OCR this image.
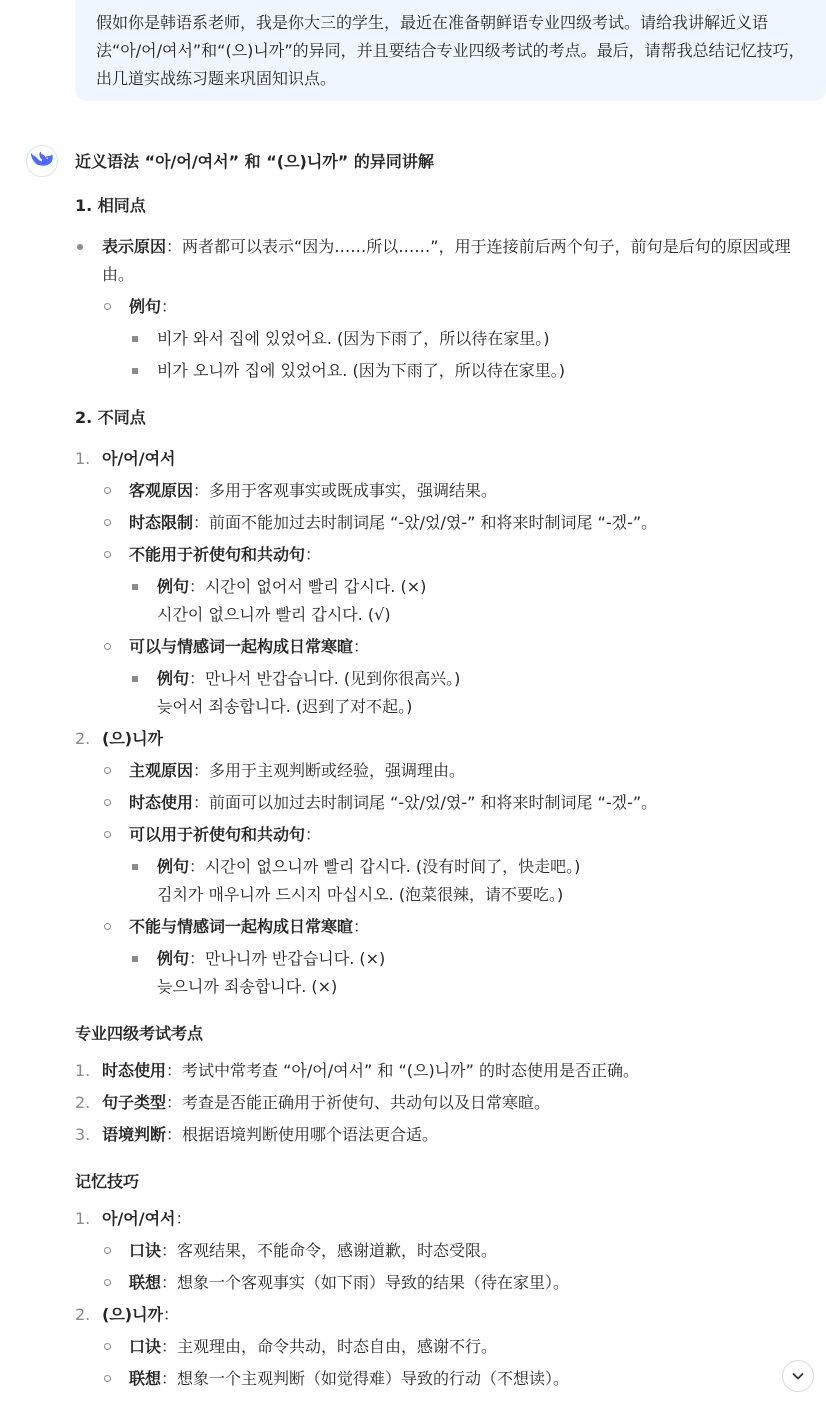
假如你是韩语系老师，我是你大三的学生，最近在准备朝鲜语专业四级考试。请给我讲解近义语法“아/어/여서”和“(으)니까”的异同，并且要结合专业四级考试的考点。最后，请帮我总结记忆技巧，出几道实战练习题来巩固知识点。
近义语法 “아/어/여서” 和 “(으)니까” 的异同讲解
1. 相同点
表示原因：两者都可以表示“因为……所以……”，用于连接前后两个句子，前句是后句的原因或理由。
例句：
비가 와서 집에 있었어요. (因为下雨了，所以待在家里。)
비가 오니까 집에 있었어요. (因为下雨了，所以待在家里。)
2. 不同点
1. 아/어/여서
客观原因：多用于客观事实或既成事实，强调结果。
时态限制：前面不能加过去时制词尾 “-았/었/였-” 和将来时制词尾 “-겠-”。
不能用于祈使句和共动句：
例句：시간이 없어서 빨리 갑시다. (×)
시간이 없으니까 빨리 갑시다. (√)
可以与情感词一起构成日常寒暄：
例句：만나서 반갑습니다. (见到你很高兴。)
늦어서 죄송합니다. (迟到了对不起。)
2. (으)니까
主观原因：多用于主观判断或经验，强调理由。
时态使用：前面可以加过去时制词尾 “-았/었/였-” 和将来时制词尾 “-겠-”。
可以用于祈使句和共动句：
例句：시간이 없으니까 빨리 갑시다. (没有时间了，快走吧。)
김치가 매우니까 드시지 마십시오. (泡菜很辣，请不要吃。)
不能与情感词一起构成日常寒暄：
例句：만나니까 반갑습니다. (×)
늦으니까 죄송합니다. (×)
专业四级考试考点
1. 时态使用：考试中常考查 “아/어/여서” 和 “(으)니까” 的时态使用是否正确。
2. 句子类型：考查是否能正确用于祈使句、共动句以及日常寒暄。
3. 语境判断：根据语境判断使用哪个语法更合适。
记忆技巧
1. 아/어/여서：
口诀：客观结果，不能命令，感谢道歉，时态受限。
联想：想象一个客观事实（如下雨）导致的结果（待在家里）。
2. (으)니까：
口诀：主观理由，命令共动，时态自由，感谢不行。
联想：想象一个主观判断（如觉得难）导致的行动（不想读）。
